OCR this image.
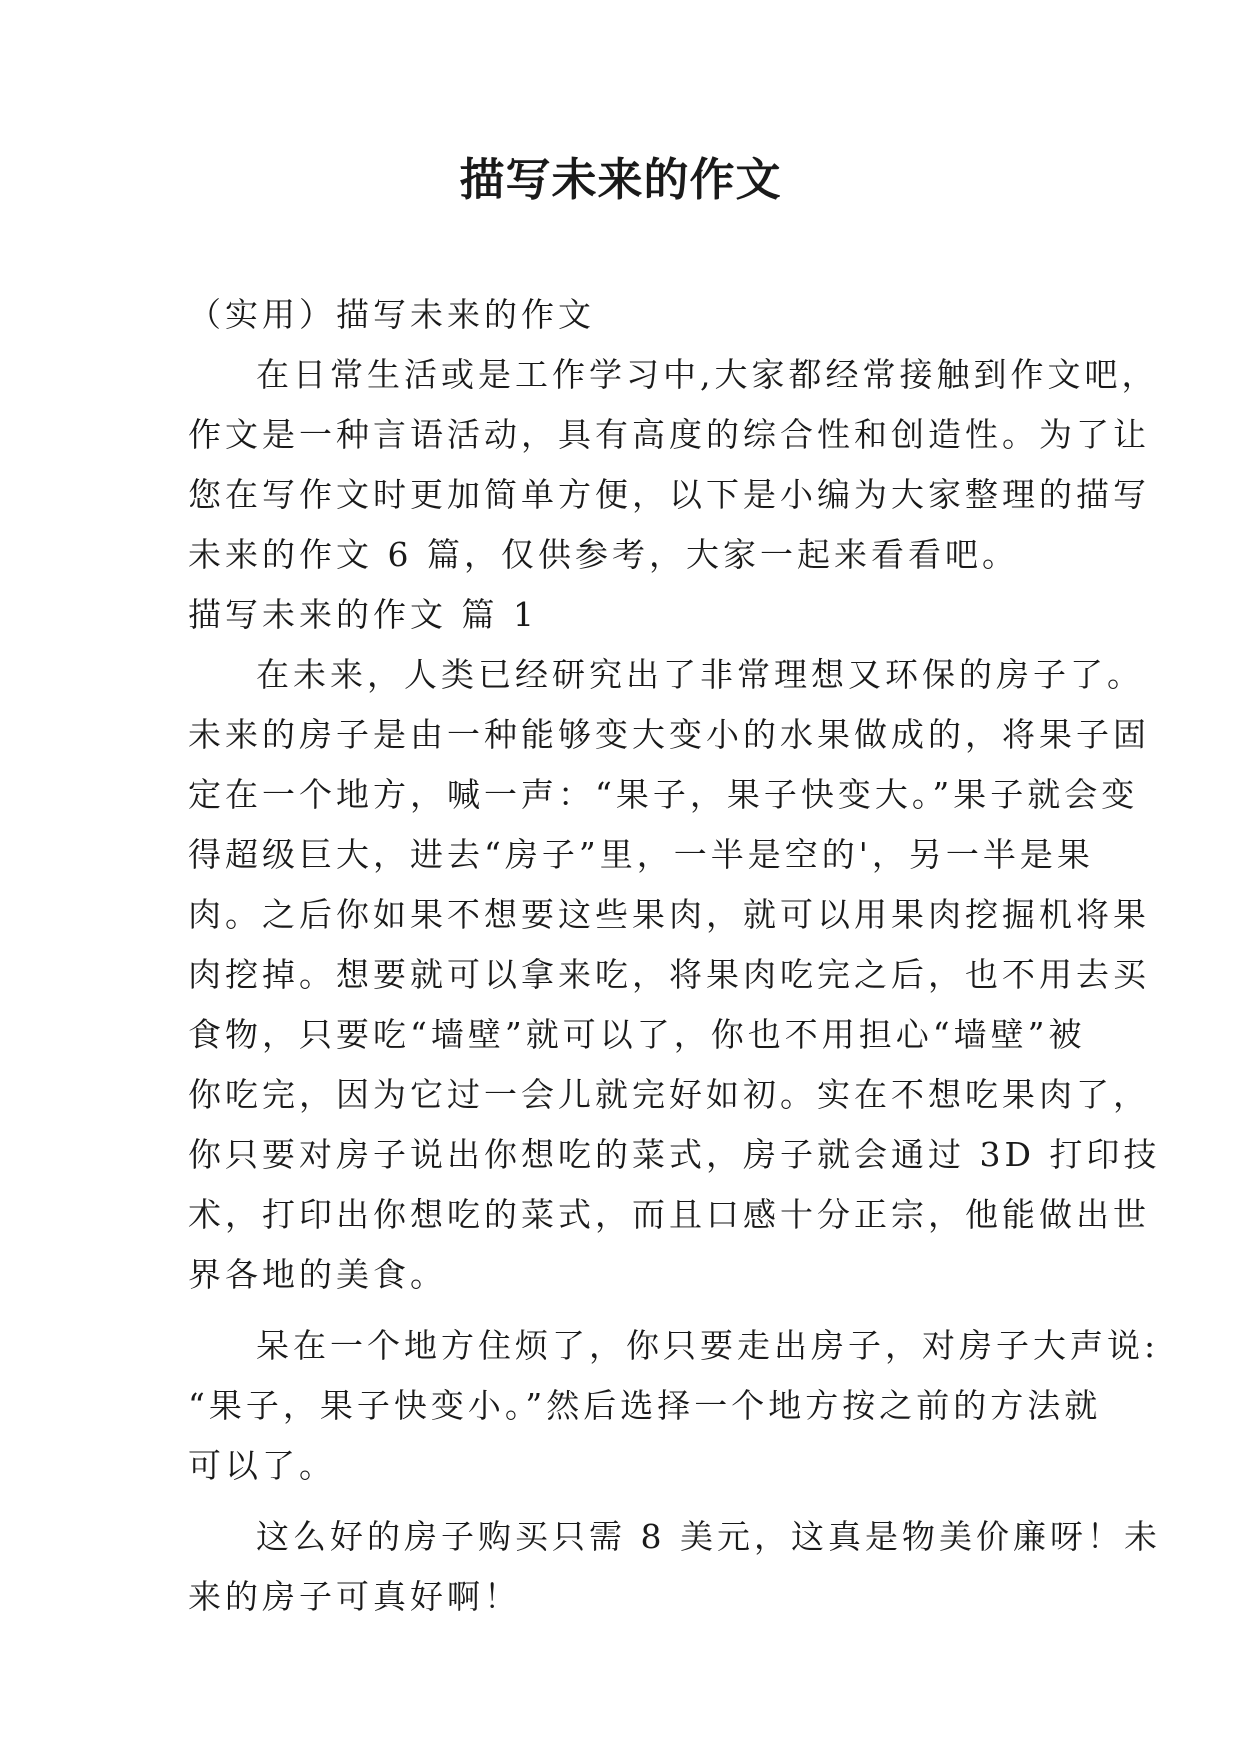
描写未来的作文
（实用）描写未来的作文
在日常生活或是工作学习中,大家都经常接触到作文吧，
作文是一种言语活动，具有高度的综合性和创造性。为了让
您在写作文时更加简单方便，以下是小编为大家整理的描写
未来的作文 6 篇，仅供参考，大家一起来看看吧。
描写未来的作文 篇 1
在未来，人类已经研究出了非常理想又环保的房子了。
未来的房子是由一种能够变大变小的水果做成的，将果子固
定在一个地方，喊一声：“果子，果子快变大。”果子就会变
得超级巨大，进去“房子”里，一半是空的'，另一半是果
肉。之后你如果不想要这些果肉，就可以用果肉挖掘机将果
肉挖掉。想要就可以拿来吃，将果肉吃完之后，也不用去买
食物，只要吃“墙壁”就可以了，你也不用担心“墙壁”被
你吃完，因为它过一会儿就完好如初。实在不想吃果肉了，
你只要对房子说出你想吃的菜式，房子就会通过 3D 打印技
术，打印出你想吃的菜式，而且口感十分正宗，他能做出世
界各地的美食。
呆在一个地方住烦了，你只要走出房子，对房子大声说:
“果子，果子快变小。”然后选择一个地方按之前的方法就
可以了。
这么好的房子购买只需 8 美元，这真是物美价廉呀！未
来的房子可真好啊！
